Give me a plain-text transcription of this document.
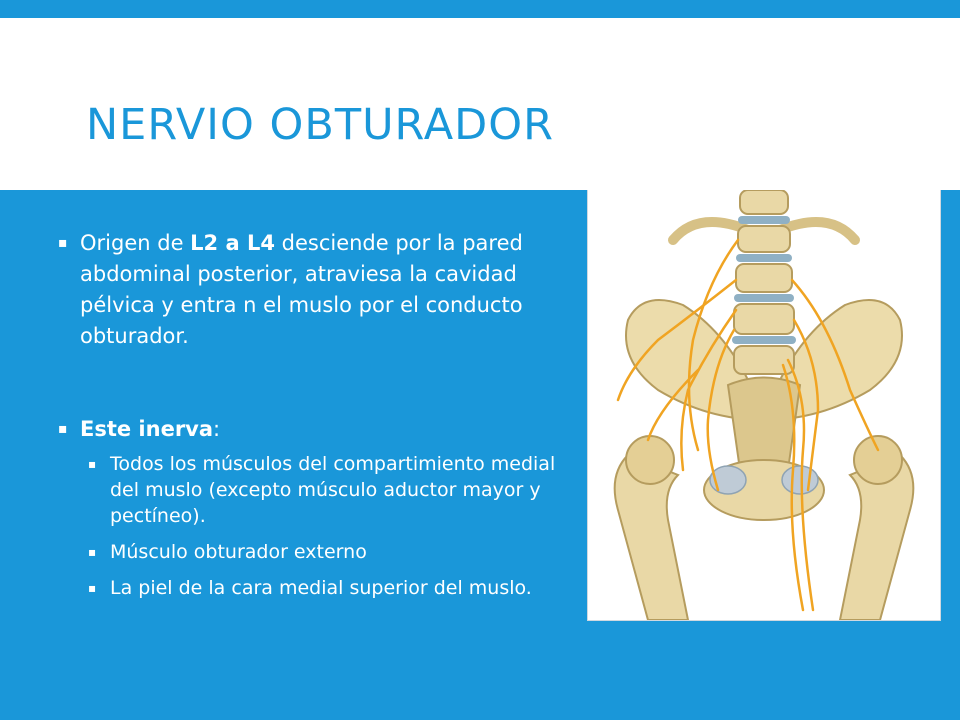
NERVIO OBTURADOR
▪ Origen de L2 a L4 desciende por la pared abdominal posterior, atraviesa la cavidad pélvica y entra n el muslo por el conducto obturador.
▪ Este inerva:
▪ Todos los músculos del compartimiento medial del muslo (excepto músculo aductor mayor y pectíneo).
▪ Músculo obturador externo
▪ La piel de la cara medial superior del muslo.
